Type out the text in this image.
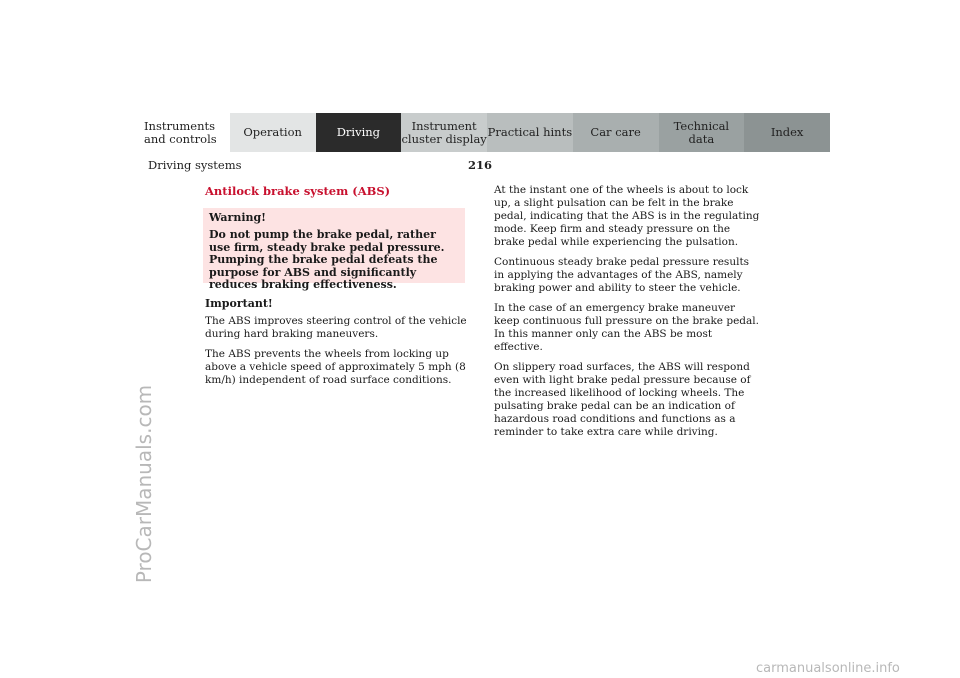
Instruments
and controls	Operation	Driving	Instrument
cluster display Practical hints	Car care	Technical
data	Index
Driving systems	216
Antilock brake system (ABS)
Warning!
Do not pump the brake pedal, rather use firm, steady brake pedal pressure. Pumping the brake pedal defeats the purpose for ABS and significantly reduces braking effectiveness.
Important!

The ABS improves steering control of the vehicle during hard braking maneuvers.

The ABS prevents the wheels from locking up above a vehicle speed of approximately 5 mph (8 km/h) independent of road surface conditions.

At the instant one of the wheels is about to lock up, a slight pulsation can be felt in the brake pedal, indicating that the ABS is in the regulating mode. Keep firm and steady pressure on the brake pedal while experiencing the pulsation.

Continuous steady brake pedal pressure results in applying the advantages of the ABS, namely braking power and ability to steer the vehicle.

In the case of an emergency brake maneuver keep continuous full pressure on the brake pedal. In this manner only can the ABS be most effective.

On slippery road surfaces, the ABS will respond even with light brake pedal pressure because of the increased likelihood of locking wheels. The pulsating brake pedal can be an indication of hazardous road conditions and functions as a reminder to take extra care while driving.

ProCarManuals.com
carmanualsonline.info
